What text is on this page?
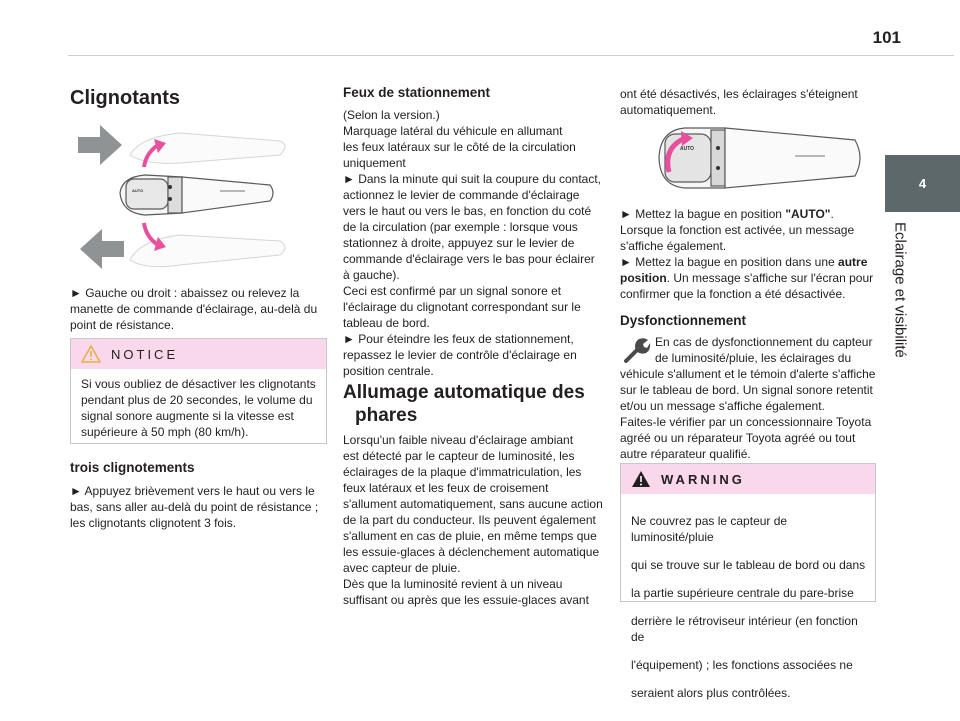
101
4
Eclairage et visibilité
Clignotants
AUTO

► Gauche ou droit : abaissez ou relevez la manette de commande d'éclairage, au-delà du point de résistance.

NOTICE
Si vous oubliez de désactiver les clignotants pendant plus de 20 secondes, le volume du signal sonore augmente si la vitesse est supérieure à 50 mph (80 km/h).
trois clignotements

► Appuyez brièvement vers le haut ou vers le bas, sans aller au-delà du point de résistance ; les clignotants clignotent 3 fois.

Feux de stationnement

(Selon la version.)

Marquage latéral du véhicule en allumant

les feux latéraux sur le côté de la circulation

uniquement

► Dans la minute qui suit la coupure du contact,

actionnez le levier de commande d'éclairage

vers le haut ou vers le bas, en fonction du coté

de la circulation (par exemple : lorsque vous

stationnez à droite, appuyez sur le levier de

commande d'éclairage vers le bas pour éclairer

à gauche).

Ceci est confirmé par un signal sonore et

l'éclairage du clignotant correspondant sur le

tableau de bord.

► Pour éteindre les feux de stationnement,

repassez le levier de contrôle d'éclairage en

position centrale.

Allumage automatique des
phares

Lorsqu'un faible niveau d'éclairage ambiant

est détecté par le capteur de luminosité, les

éclairages de la plaque d'immatriculation, les

feux latéraux et les feux de croisement

s'allument automatiquement, sans aucune action

de la part du conducteur. Ils peuvent également

s'allument en cas de pluie, en même temps que

les essuie-glaces à déclenchement automatique

avec capteur de pluie.

Dès que la luminosité revient à un niveau

suffisant ou après que les essuie-glaces avant

ont été désactivés, les éclairages s'éteignent

automatiquement.

AUTO

► Mettez la bague en position "AUTO".

Lorsque la fonction est activée, un message

s'affiche également.

► Mettez la bague en position dans une autre

position. Un message s'affiche sur l'écran pour

confirmer que la fonction a été désactivée.

Dysfonctionnement

En cas de dysfonctionnement du capteur

de luminosité/pluie, les éclairages du

véhicule s'allument et le témoin d'alerte s'affiche

sur le tableau de bord. Un signal sonore retentit

et/ou un message s'affiche également.

Faites-le vérifier par un concessionnaire Toyota

agréé ou un réparateur Toyota agréé ou tout

autre réparateur qualifié.

WARNING

Ne couvrez pas le capteur de luminosité/pluie

qui se trouve sur le tableau de bord ou dans

la partie supérieure centrale du pare-brise

derrière le rétroviseur intérieur (en fonction de

l'équipement) ; les fonctions associées ne

seraient alors plus contrôlées.
